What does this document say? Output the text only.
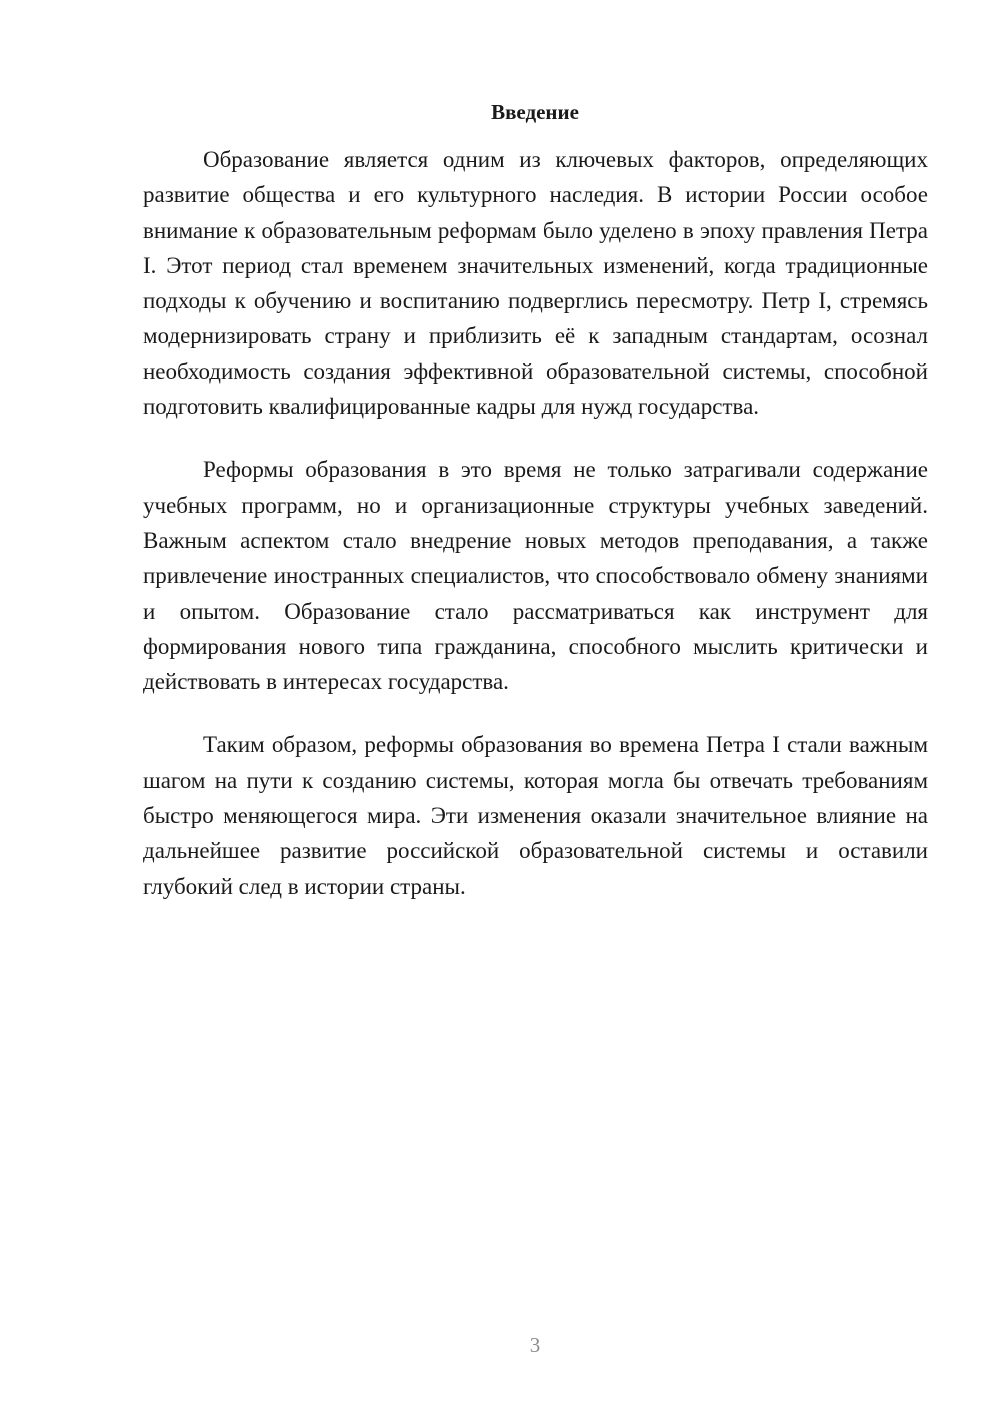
Введение

Образование является одним из ключевых факторов, определяющих развитие общества и его культурного наследия. В истории России особое внимание к образовательным реформам было уделено в эпоху правления Петра I. Этот период стал временем значительных изменений, когда традиционные подходы к обучению и воспитанию подверглись пересмотру. Петр I, стремясь модернизировать страну и приблизить её к западным стандартам, осознал необходимость создания эффективной образовательной системы, способной подготовить квалифицированные кадры для нужд государства.

Реформы образования в это время не только затрагивали содержание учебных программ, но и организационные структуры учебных заведений. Важным аспектом стало внедрение новых методов преподавания, а также привлечение иностранных специалистов, что способствовало обмену знаниями и опытом. Образование стало рассматриваться как инструмент для формирования нового типа гражданина, способного мыслить критически и действовать в интересах государства.

Таким образом, реформы образования во времена Петра I стали важным шагом на пути к созданию системы, которая могла бы отвечать требованиям быстро меняющегося мира. Эти изменения оказали значительное влияние на дальнейшее развитие российской образовательной системы и оставили глубокий след в истории страны.

3
